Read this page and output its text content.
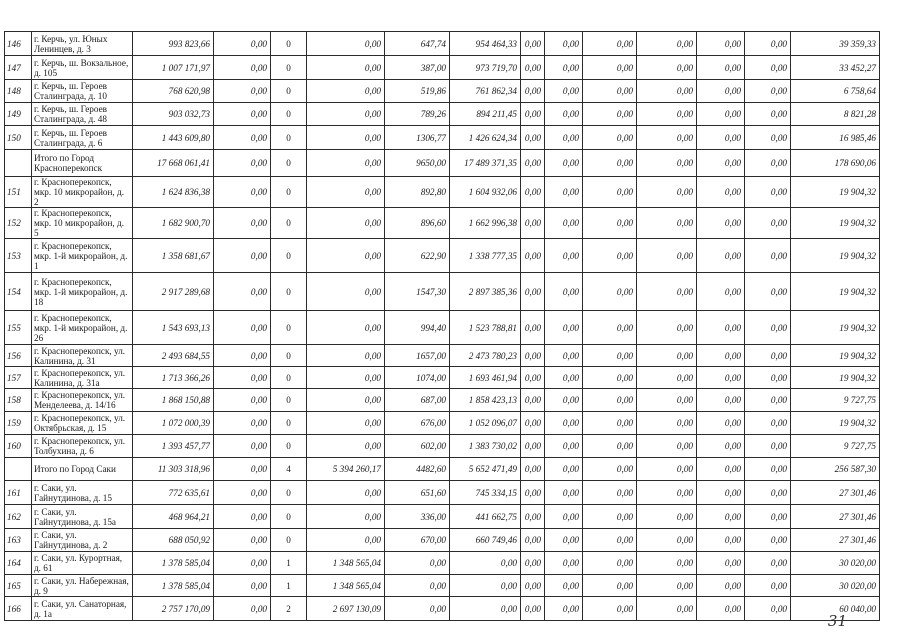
146	г. Керчь, ул. Юных Ленинцев, д. 3	993 823,66	0,00	0	0,00	647,74	954 464,33	0,00	0,00	0,00	0,00	0,00	0,00	39 359,33
147	г. Керчь, ш. Вокзальное, д. 105	1 007 171,97	0,00	0	0,00	387,00	973 719,70	0,00	0,00	0,00	0,00	0,00	0,00	33 452,27
148	г. Керчь, ш. Героев Сталинграда, д. 10	768 620,98	0,00	0	0,00	519,86	761 862,34	0,00	0,00	0,00	0,00	0,00	0,00	6 758,64
149	г. Керчь, ш. Героев Сталинграда, д. 48	903 032,73	0,00	0	0,00	789,26	894 211,45	0,00	0,00	0,00	0,00	0,00	0,00	8 821,28
150	г. Керчь, ш. Героев Сталинграда, д. 6	1 443 609,80	0,00	0	0,00	1306,77	1 426 624,34	0,00	0,00	0,00	0,00	0,00	0,00	16 985,46
	Итого по Город Красноперекопск	17 668 061,41	0,00	0	0,00	9650,00	17 489 371,35	0,00	0,00	0,00	0,00	0,00	0,00	178 690,06
151	г. Красноперекопск, мкр. 10 микрорайон, д. 2	1 624 836,38	0,00	0	0,00	892,80	1 604 932,06	0,00	0,00	0,00	0,00	0,00	0,00	19 904,32
152	г. Красноперекопск, мкр. 10 микрорайон, д. 5	1 682 900,70	0,00	0	0,00	896,60	1 662 996,38	0,00	0,00	0,00	0,00	0,00	0,00	19 904,32
153	г. Красноперекопск, мкр. 1-й микрорайон, д. 1	1 358 681,67	0,00	0	0,00	622,90	1 338 777,35	0,00	0,00	0,00	0,00	0,00	0,00	19 904,32
154	г. Красноперекопск, мкр. 1-й микрорайон, д. 18	2 917 289,68	0,00	0	0,00	1547,30	2 897 385,36	0,00	0,00	0,00	0,00	0,00	0,00	19 904,32
155	г. Красноперекопск, мкр. 1-й микрорайон, д. 26	1 543 693,13	0,00	0	0,00	994,40	1 523 788,81	0,00	0,00	0,00	0,00	0,00	0,00	19 904,32
156	г. Красноперекопск, ул. Калинина, д. 31	2 493 684,55	0,00	0	0,00	1657,00	2 473 780,23	0,00	0,00	0,00	0,00	0,00	0,00	19 904,32
157	г. Красноперекопск, ул. Калинина, д. 31а	1 713 366,26	0,00	0	0,00	1074,00	1 693 461,94	0,00	0,00	0,00	0,00	0,00	0,00	19 904,32
158	г. Красноперекопск, ул. Менделеева, д. 14/16	1 868 150,88	0,00	0	0,00	687,00	1 858 423,13	0,00	0,00	0,00	0,00	0,00	0,00	9 727,75
159	г. Красноперекопск, ул. Октябрьская, д. 15	1 072 000,39	0,00	0	0,00	676,00	1 052 096,07	0,00	0,00	0,00	0,00	0,00	0,00	19 904,32
160	г. Красноперекопск, ул. Толбухина, д. 6	1 393 457,77	0,00	0	0,00	602,00	1 383 730,02	0,00	0,00	0,00	0,00	0,00	0,00	9 727,75
	Итого по Город Саки	11 303 318,96	0,00	4	5 394 260,17	4482,60	5 652 471,49	0,00	0,00	0,00	0,00	0,00	0,00	256 587,30
161	г. Саки, ул. Гайнутдинова, д. 15	772 635,61	0,00	0	0,00	651,60	745 334,15	0,00	0,00	0,00	0,00	0,00	0,00	27 301,46
162	г. Саки, ул. Гайнутдинова, д. 15а	468 964,21	0,00	0	0,00	336,00	441 662,75	0,00	0,00	0,00	0,00	0,00	0,00	27 301,46
163	г. Саки, ул. Гайнутдинова, д. 2	688 050,92	0,00	0	0,00	670,00	660 749,46	0,00	0,00	0,00	0,00	0,00	0,00	27 301,46
164	г. Саки, ул. Курортная, д. 61	1 378 585,04	0,00	1	1 348 565,04	0,00	0,00	0,00	0,00	0,00	0,00	0,00	0,00	30 020,00
165	г. Саки, ул. Набережная, д. 9	1 378 585,04	0,00	1	1 348 565,04	0,00	0,00	0,00	0,00	0,00	0,00	0,00	0,00	30 020,00
166	г. Саки, ул. Санаторная, д. 1а	2 757 170,09	0,00	2	2 697 130,09	0,00	0,00	0,00	0,00	0,00	0,00	0,00	0,00	60 040,00
31
